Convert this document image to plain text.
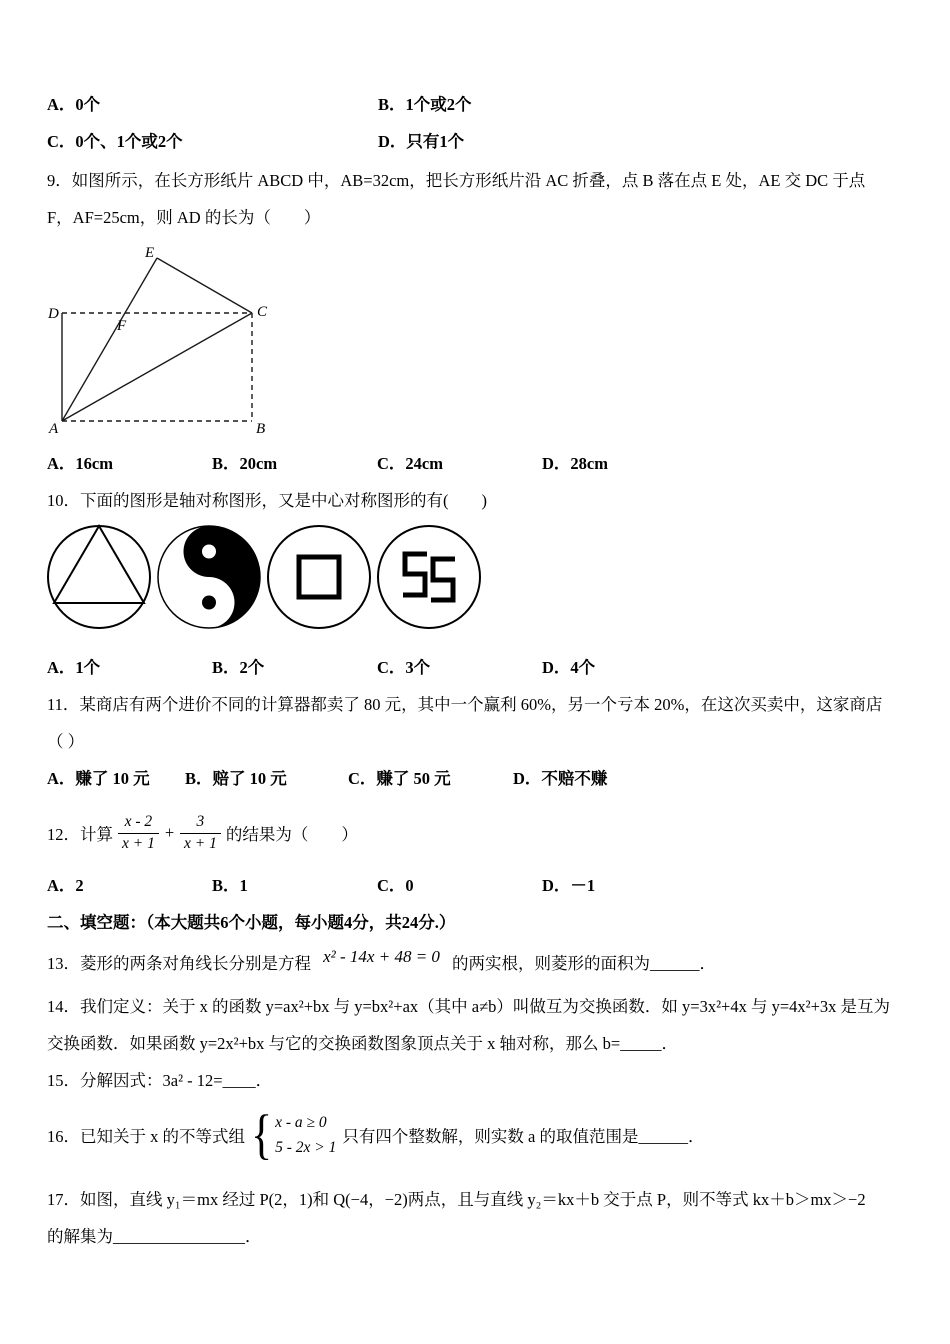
A．0个	B．1个或2个
C．0个、1个或2个	D．只有1个
9．如图所示，在长方形纸片 ABCD 中，AB=32cm，把长方形纸片沿 AC 折叠，点 B 落在点 E 处，AE 交 DC 于点
F，AF=25cm，则 AD 的长为（　　）
E
D
F
C
A	B
A．16cm	B．20cm	C．24cm	D．28cm
10．下面的图形是轴对称图形，又是中心对称图形的有(　　)
A．1个	B．2个	C．3个	D．4个
11．某商店有两个进价不同的计算器都卖了 80 元，其中一个赢利 60%，另一个亏本 20%，在这次买卖中，这家商店
（ ）
A．赚了 10 元	B．赔了 10 元	C．赚了 50 元	D．不赔不赚
12．计算 $\frac{x - 2}{x + 1} + \frac{3}{x + 1}$ 的结果为（　　）
A．2	B．1	C．0	D．－1
二、填空题：（本大题共6个小题，每小题4分，共24分.）
13．菱形的两条对角线长分别是方程 x² - 14x + 48 = 0 的两实根，则菱形的面积为______．
14．我们定义：关于 x 的函数 y=ax²+bx 与 y=bx²+ax（其中 a≠b）叫做互为交换函数．如 y=3x²+4x 与 y=4x²+3x 是互为
交换函数．如果函数 y=2x²+bx 与它的交换函数图象顶点关于 x 轴对称，那么 b=_____．
15．分解因式：3a² - 12=____．
16．已知关于 x 的不等式组 { x - a ≥ 0
5 - 2x > 1
只有四个整数解，则实数 a 的取值范围是______．
17．如图，直线 y₁＝mx 经过 P(2，1)和 Q(−4，−2)两点，且与直线 y₂＝kx＋b 交于点 P，则不等式 kx＋b＞mx＞−2
的解集为________________．
